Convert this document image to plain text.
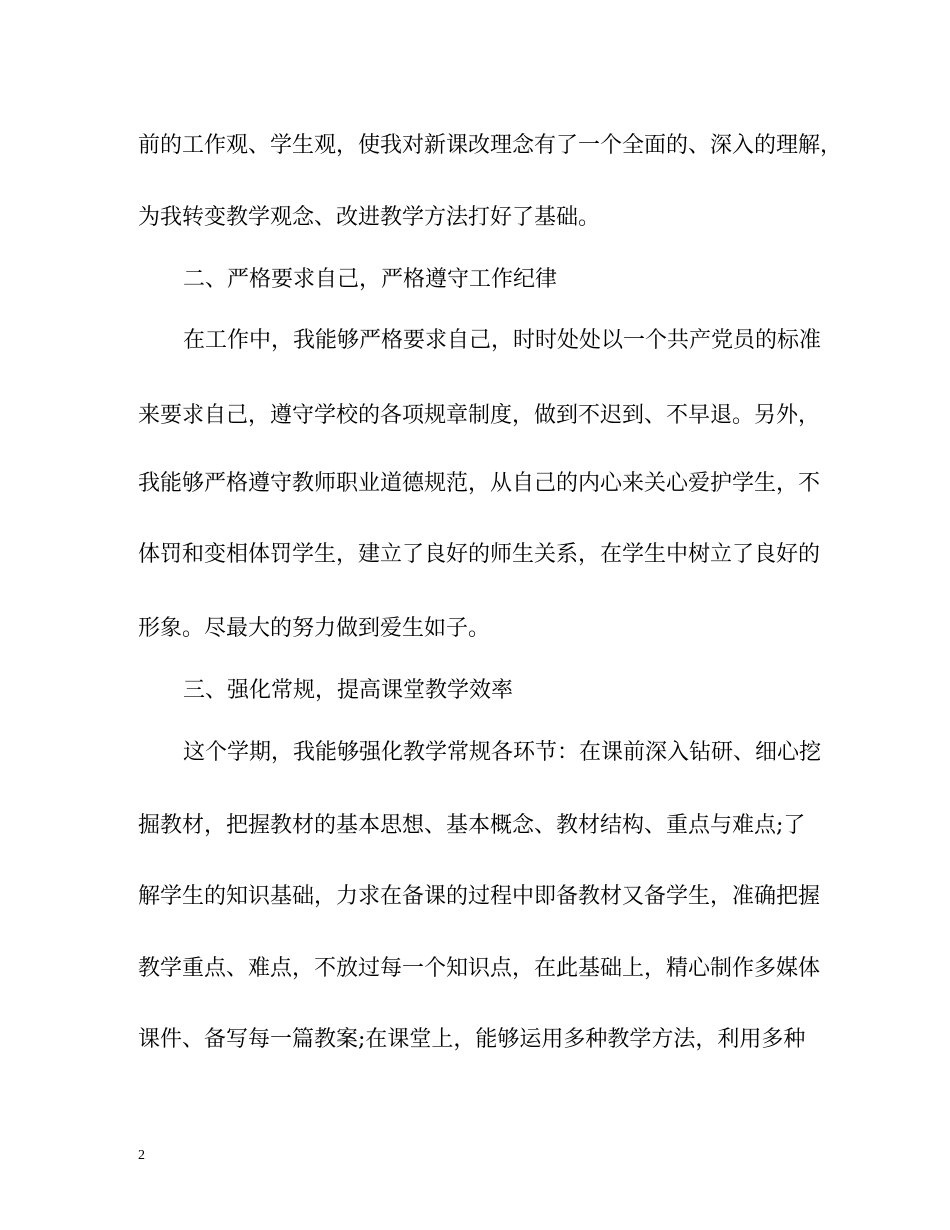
前的工作观、学生观，使我对新课改理念有了一个全面的、深入的理解，
为我转变教学观念、改进教学方法打好了基础。
二、严格要求自己，严格遵守工作纪律
在工作中，我能够严格要求自己，时时处处以一个共产党员的标准
来要求自己，遵守学校的各项规章制度，做到不迟到、不早退。另外，
我能够严格遵守教师职业道德规范，从自己的内心来关心爱护学生，不
体罚和变相体罚学生，建立了良好的师生关系，在学生中树立了良好的
形象。尽最大的努力做到爱生如子。
三、强化常规，提高课堂教学效率
这个学期，我能够强化教学常规各环节：在课前深入钻研、细心挖
掘教材，把握教材的基本思想、基本概念、教材结构、重点与难点;了
解学生的知识基础，力求在备课的过程中即备教材又备学生，准确把握
教学重点、难点，不放过每一个知识点，在此基础上，精心制作多媒体
课件、备写每一篇教案;在课堂上，能够运用多种教学方法，利用多种
2
